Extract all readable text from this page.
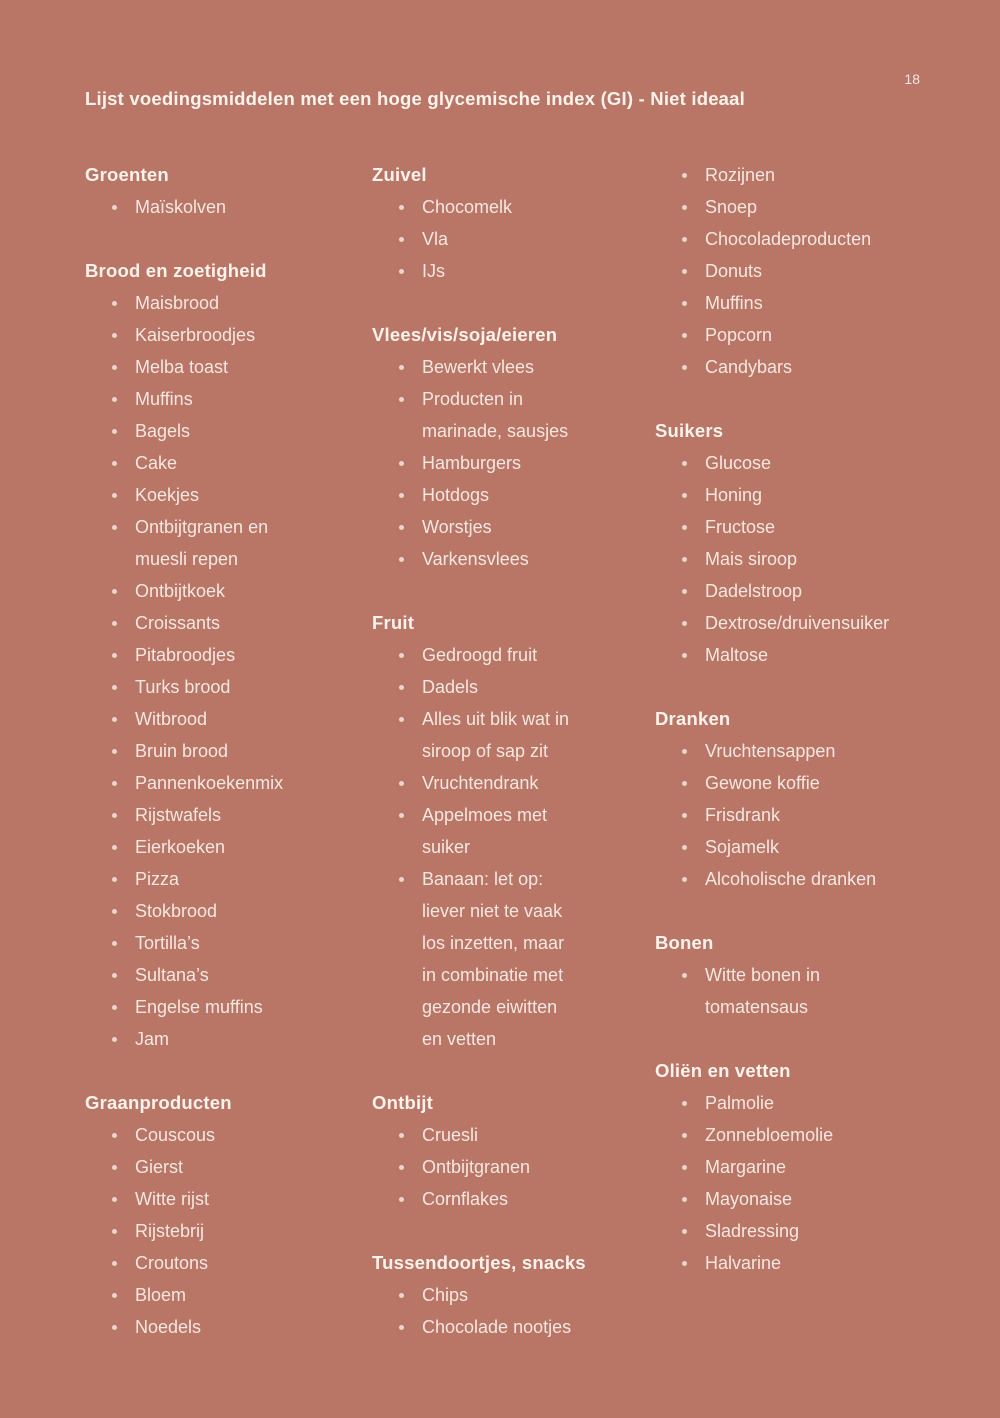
18
Lijst voedingsmiddelen met een hoge glycemische index (GI) - Niet ideaal
Groenten
Maïskolven
Brood en zoetigheid
Maisbrood
Kaiserbroodjes
Melba toast
Muffins
Bagels
Cake
Koekjes
Ontbijtgranen en muesli repen
Ontbijtkoek
Croissants
Pitabroodjes
Turks brood
Witbrood
Bruin brood
Pannenkoekenmix
Rijstwafels
Eierkoeken
Pizza
Stokbrood
Tortilla’s
Sultana’s
Engelse muffins
Jam
Graanproducten
Couscous
Gierst
Witte rijst
Rijstebrij
Croutons
Bloem
Noedels
Zuivel
Chocomelk
Vla
IJs
Vlees/vis/soja/eieren
Bewerkt vlees
Producten in marinade, sausjes
Hamburgers
Hotdogs
Worstjes
Varkensvlees
Fruit
Gedroogd fruit
Dadels
Alles uit blik wat in siroop of sap zit
Vruchtendrank
Appelmoes met suiker
Banaan: let op: liever niet te vaak los inzetten, maar in combinatie met gezonde eiwitten en vetten
Ontbijt
Cruesli
Ontbijtgranen
Cornflakes
Tussendoortjes, snacks
Chips
Chocolade nootjes
Rozijnen
Snoep
Chocoladeproducten
Donuts
Muffins
Popcorn
Candybars
Suikers
Glucose
Honing
Fructose
Mais siroop
Dadelstroop
Dextrose/druivensuiker
Maltose
Dranken
Vruchtensappen
Gewone koffie
Frisdrank
Sojamelk
Alcoholische dranken
Bonen
Witte bonen in tomatensaus
Oliën en vetten
Palmolie
Zonnebloemolie
Margarine
Mayonaise
Sladressing
Halvarine
